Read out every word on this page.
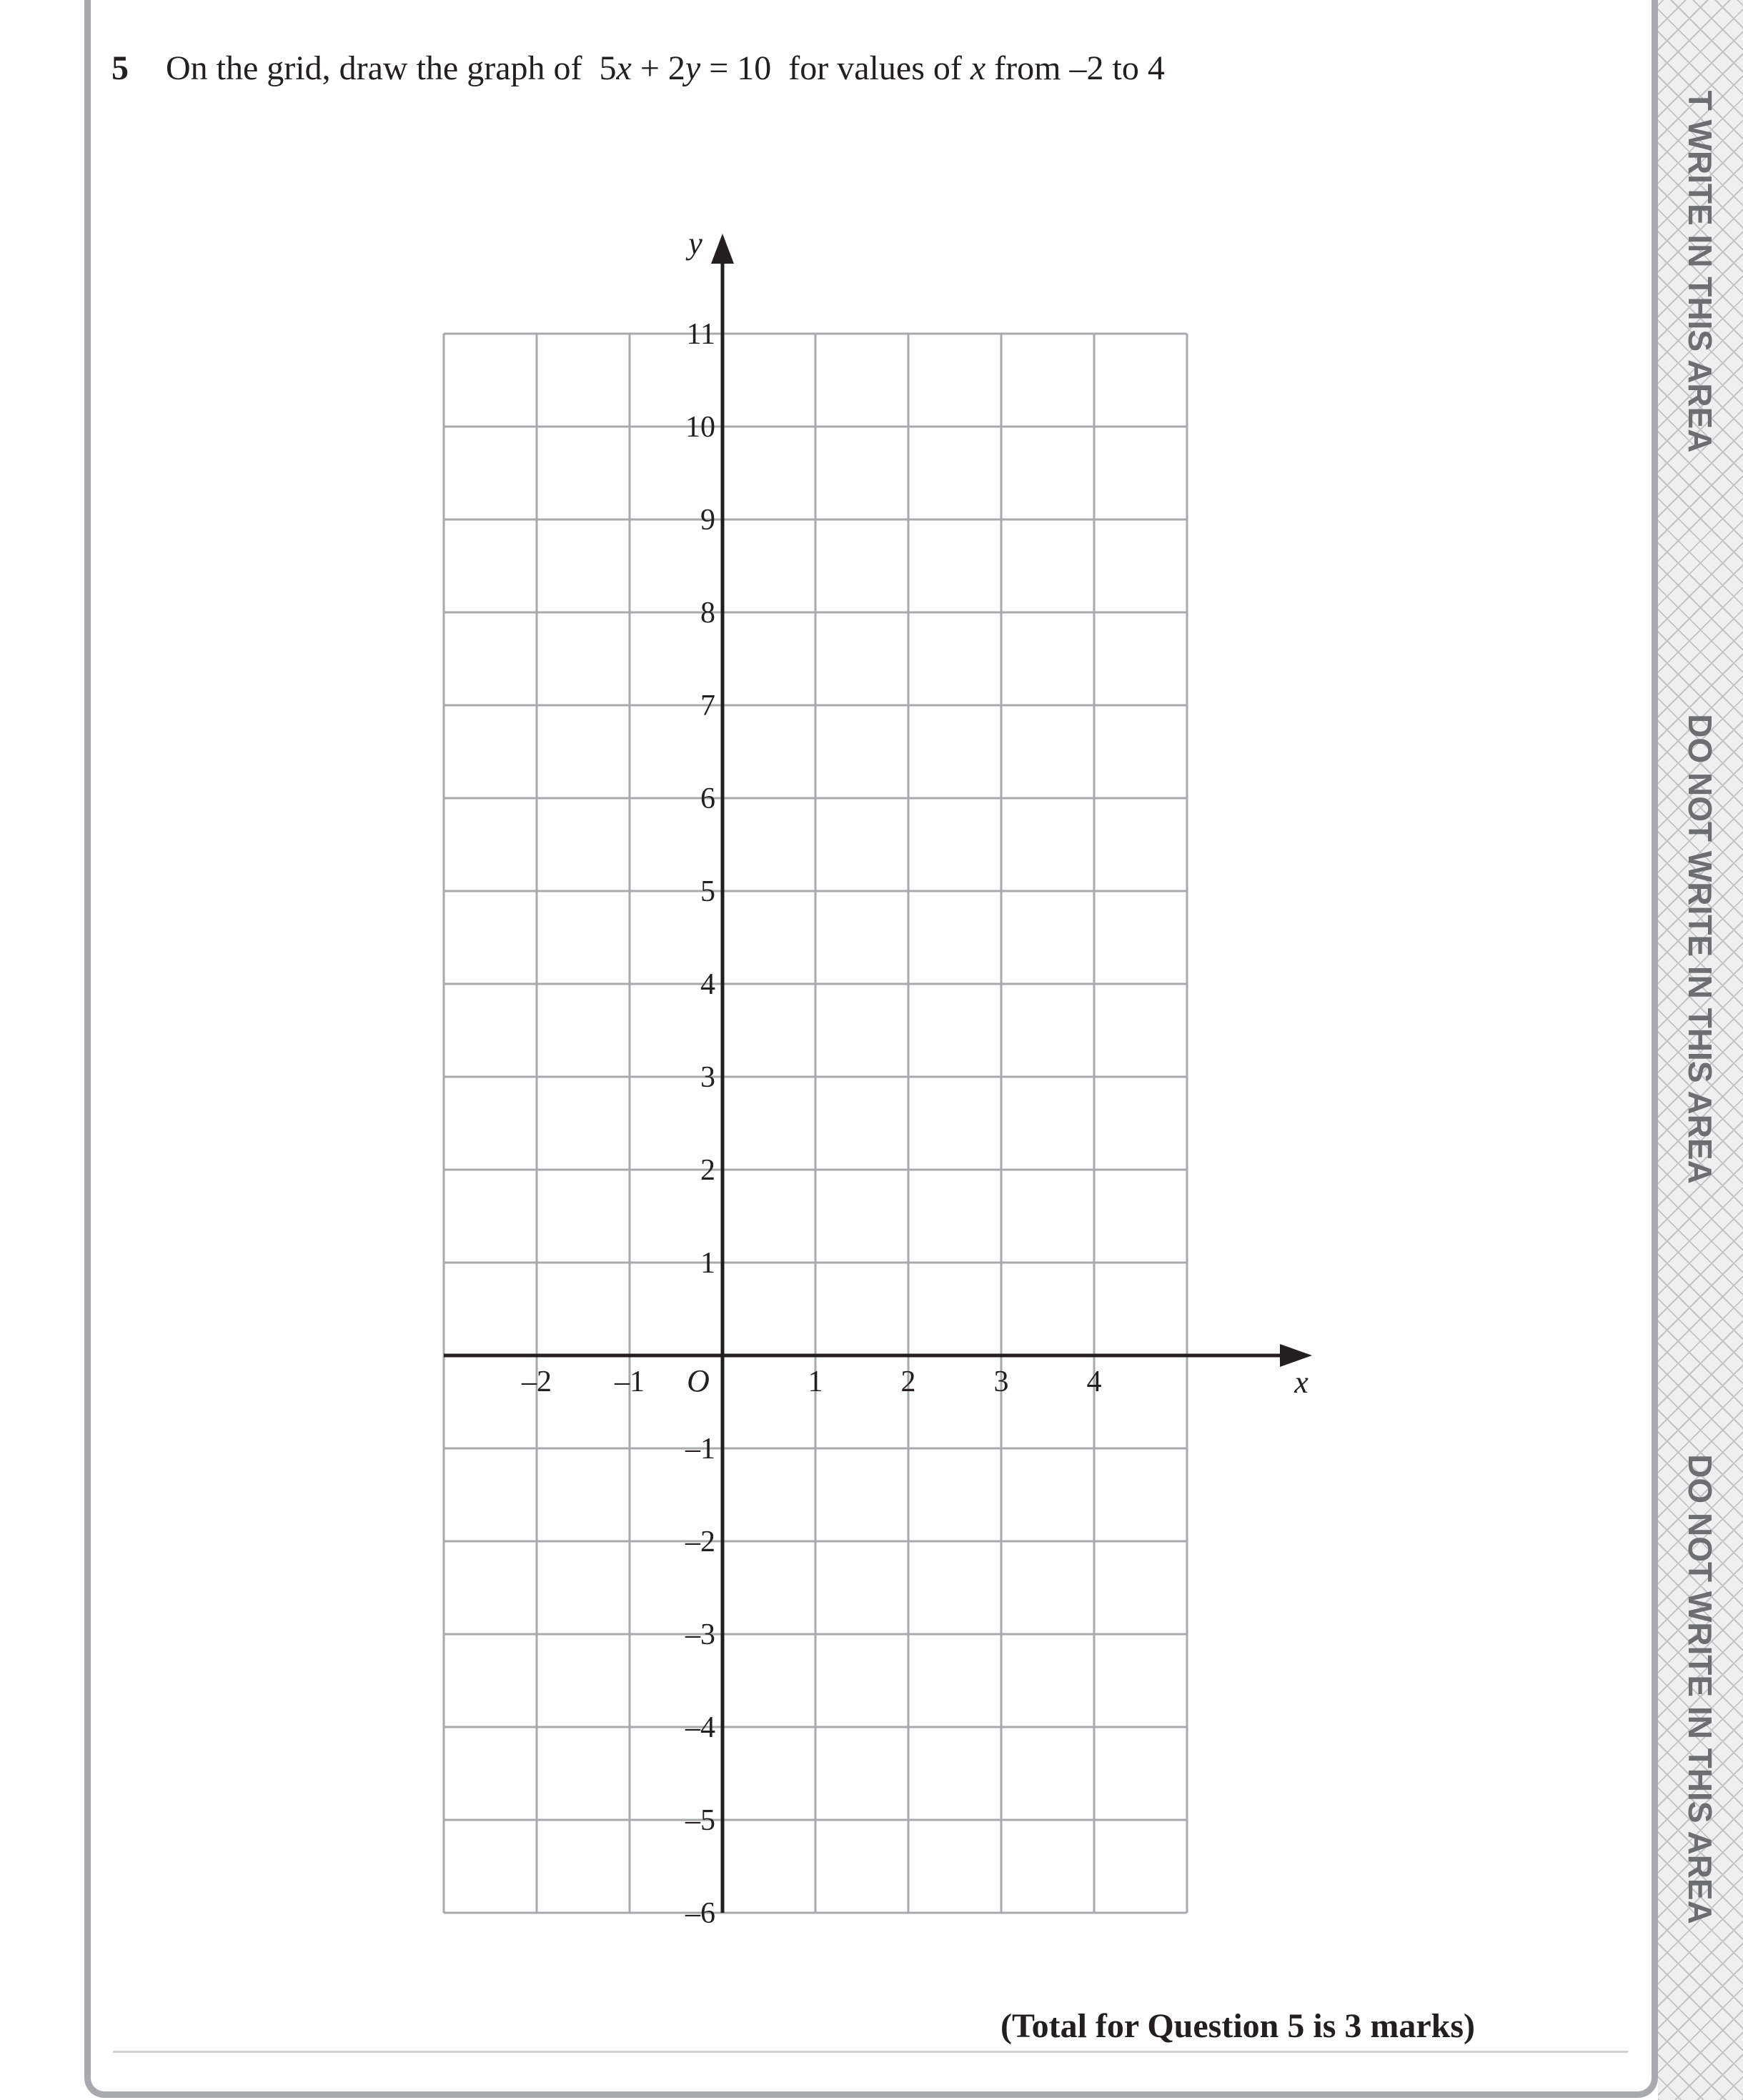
5 On the grid, draw the graph of 5x + 2y = 10 for values of x from –2 to 4
–2 –1	1	2	3	4
11
10
9
8
7
6
5
4
3
2
1
–1
–2
–3
–4
–5
–6
O	x
y
(Total for Question 5 is 3 marks)
T WRITE IN THIS AREA
DO NOT WRITE IN THIS AREA
DO NOT WRITE IN THIS AREA
